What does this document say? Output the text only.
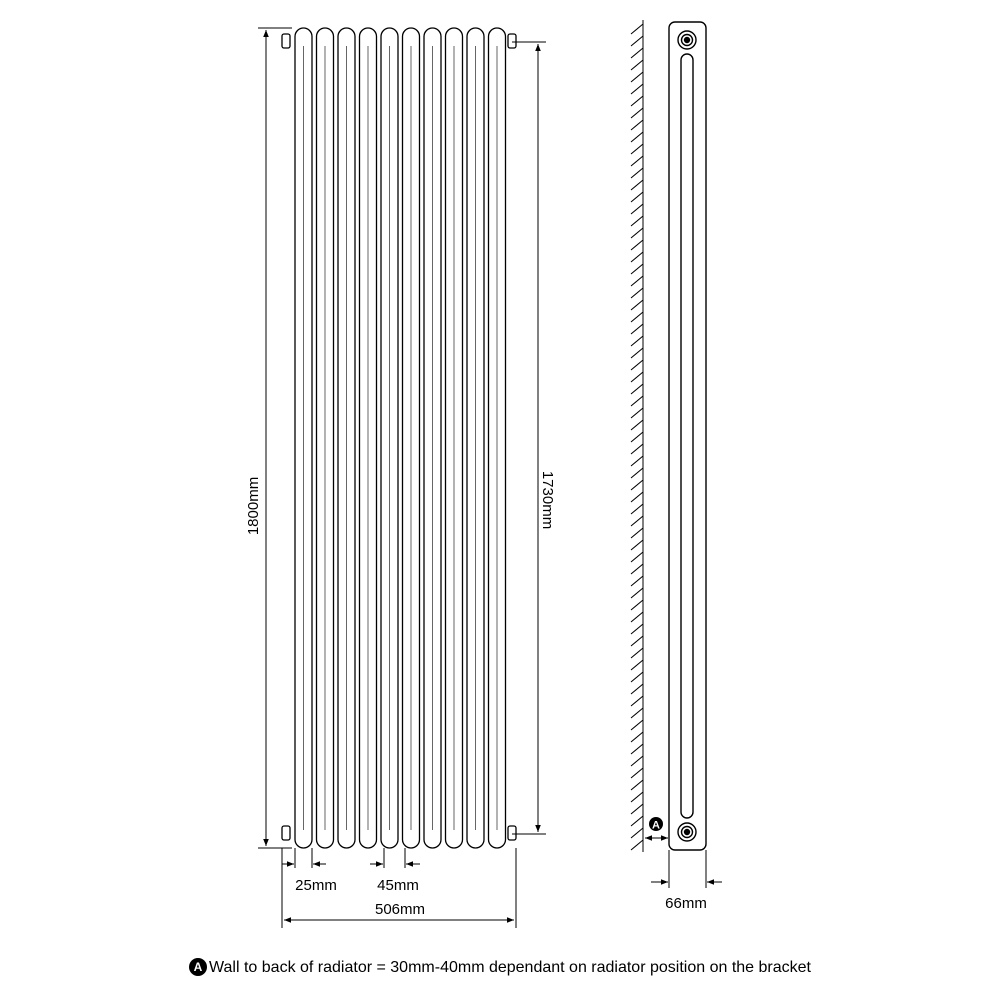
1800mm	1730mm
25mm	45mm
506mm
A
66mm
A Wall to back of radiator = 30mm-40mm dependant on radiator position on the bracket
